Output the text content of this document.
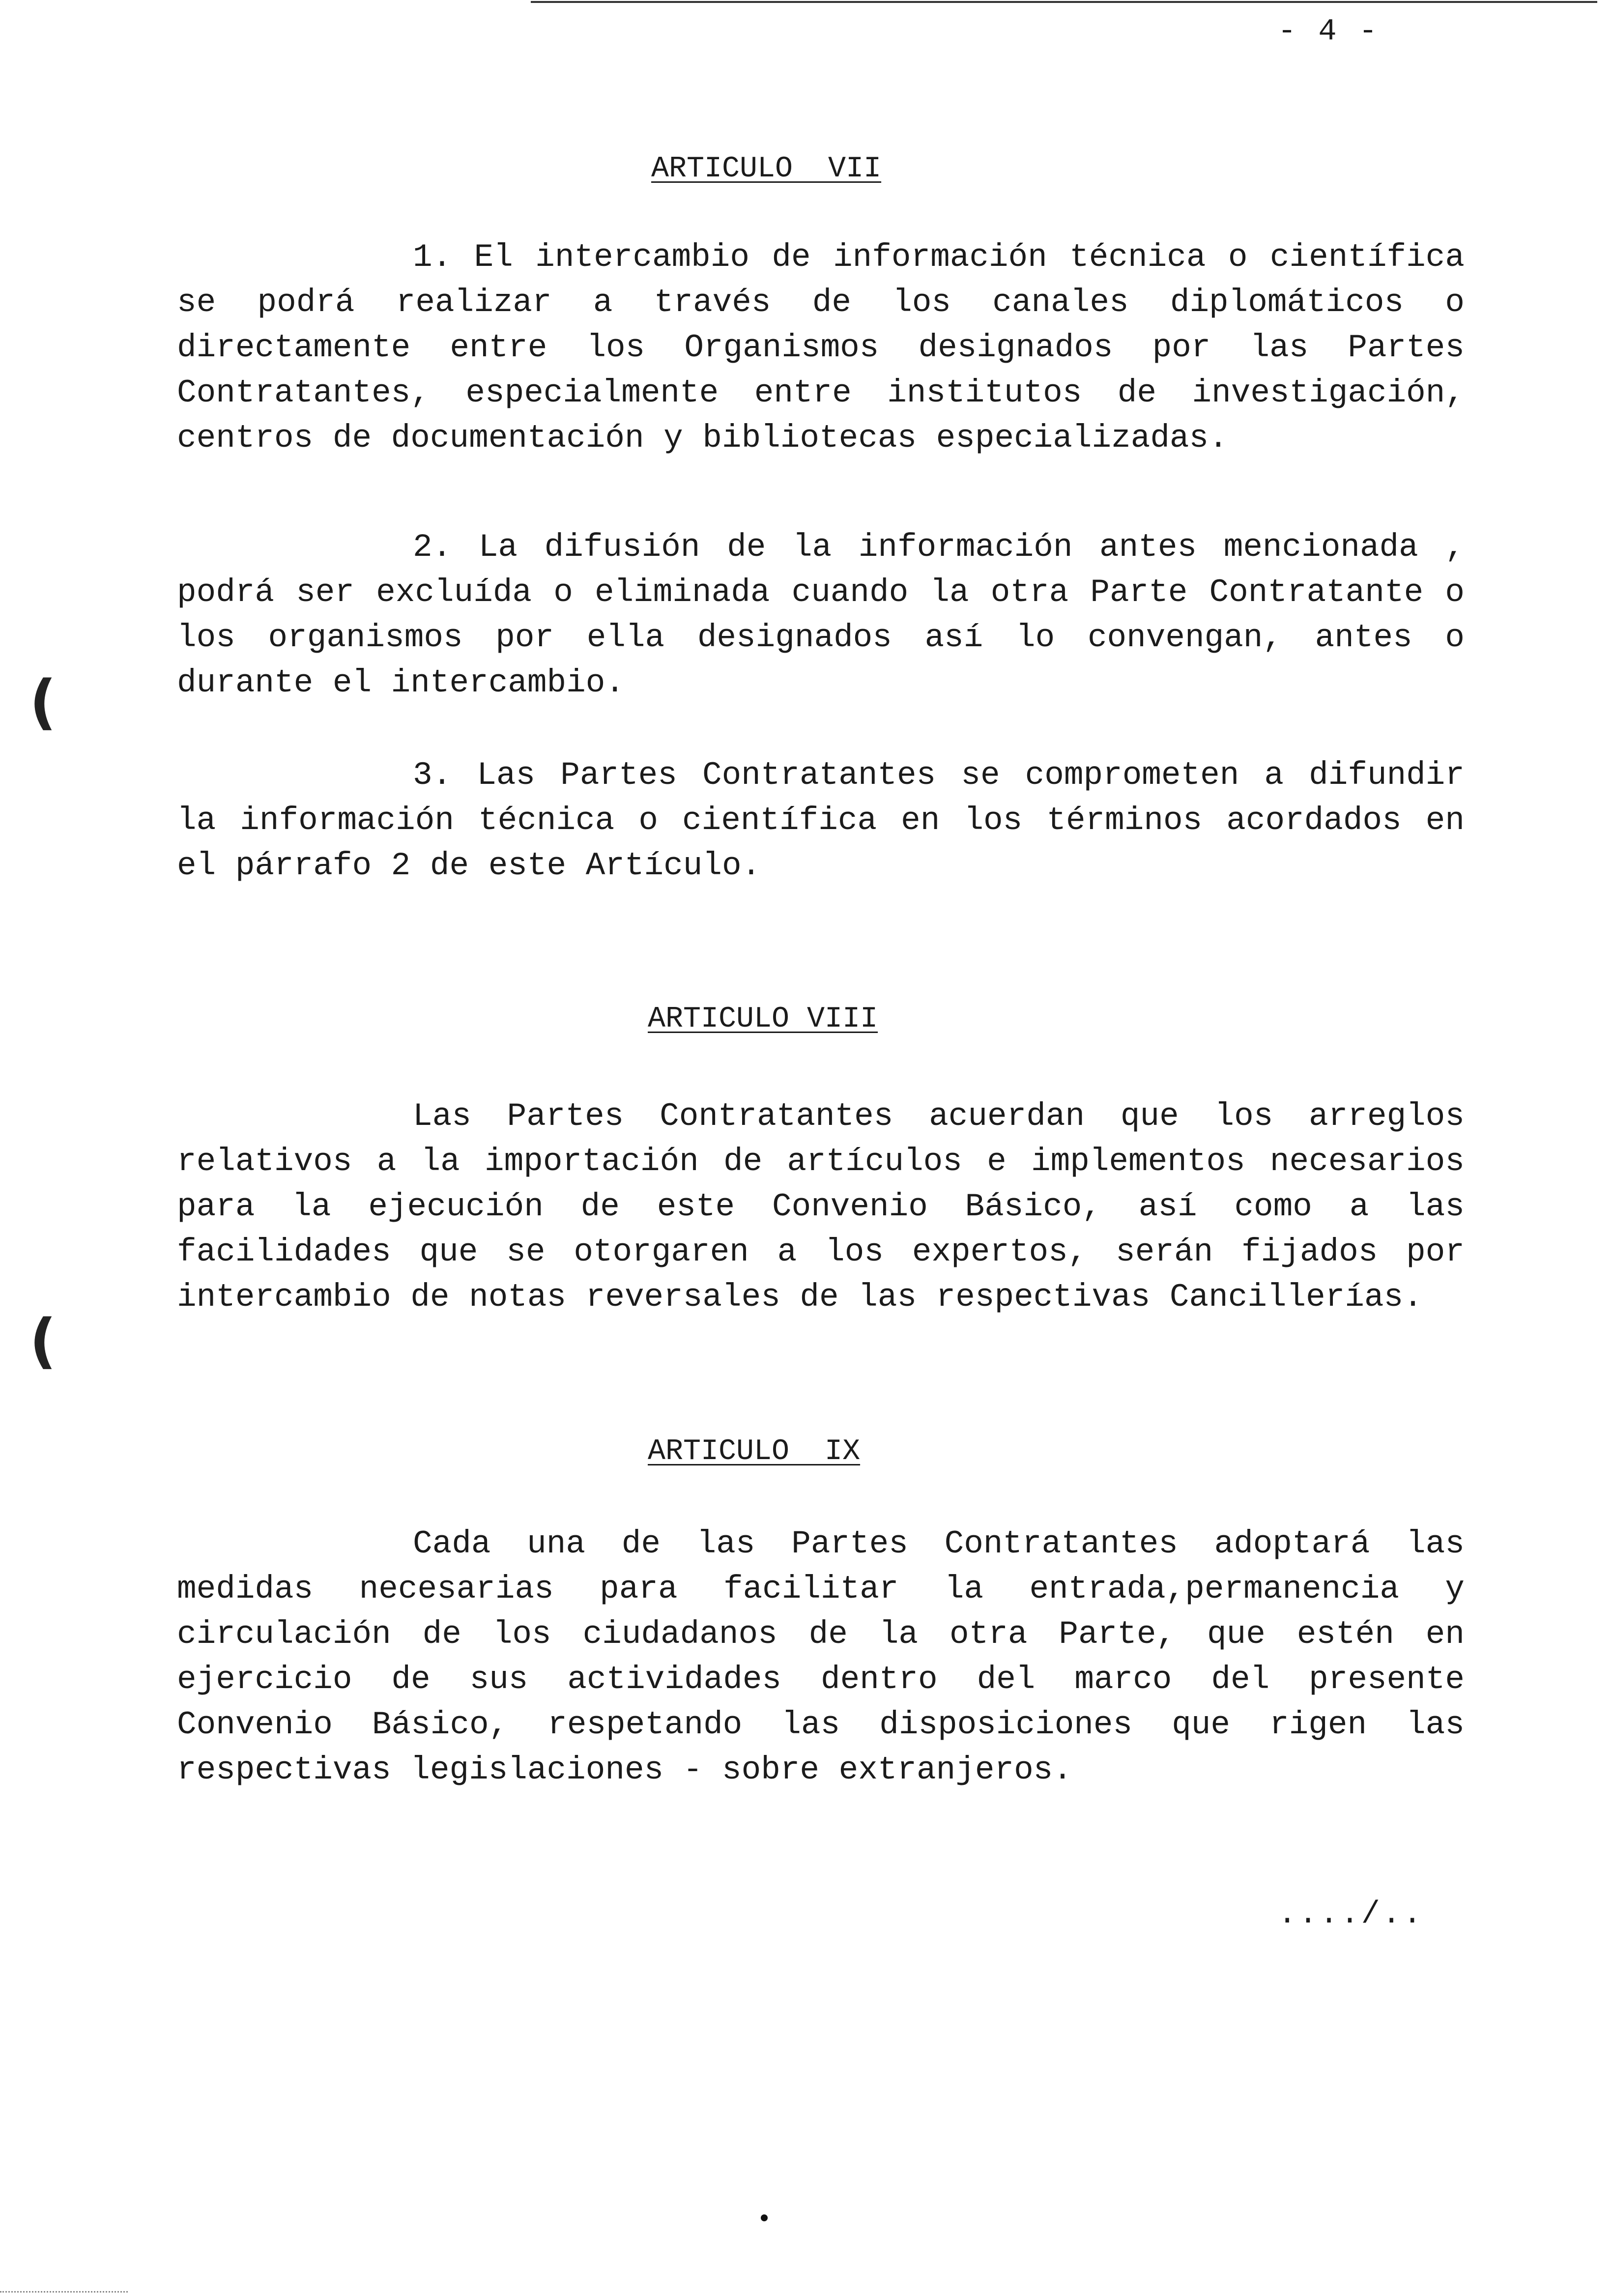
- 4 -
(
(
ARTICULO  VII

1. El intercambio de información técnica o científica se podrá realizar a través de los canales diplomáticos o directamente entre los Organismos designados por las Partes Contratantes, especialmente entre institutos de investigación, centros de documentación y bibliotecas especializadas.

2. La difusión de la información antes mencionada , podrá ser excluída o eliminada cuando la otra Parte Contratante o los organismos por ella designados así lo convengan, antes o durante el intercambio.

3. Las Partes Contratantes se comprometen a difundir la información técnica o científica en los términos acordados en el párrafo 2 de este Artículo.

ARTICULO VIII

Las Partes Contratantes acuerdan que los arreglos relativos a la importación de artículos e implementos necesarios para la ejecución de este Convenio Básico, así como a las facilidades que se otorgaren a los expertos, serán fijados por intercambio de notas reversales de las respectivas Cancillerías.

ARTICULO  IX

Cada una de las Partes Contratantes adoptará las medidas necesarias para facilitar la entrada,permanencia y circulación de los ciudadanos de la otra Parte, que estén en ejercicio de sus actividades dentro del marco del presente Convenio Básico, respetando las disposiciones que rigen las respectivas legislaciones - sobre extranjeros.

..../..
